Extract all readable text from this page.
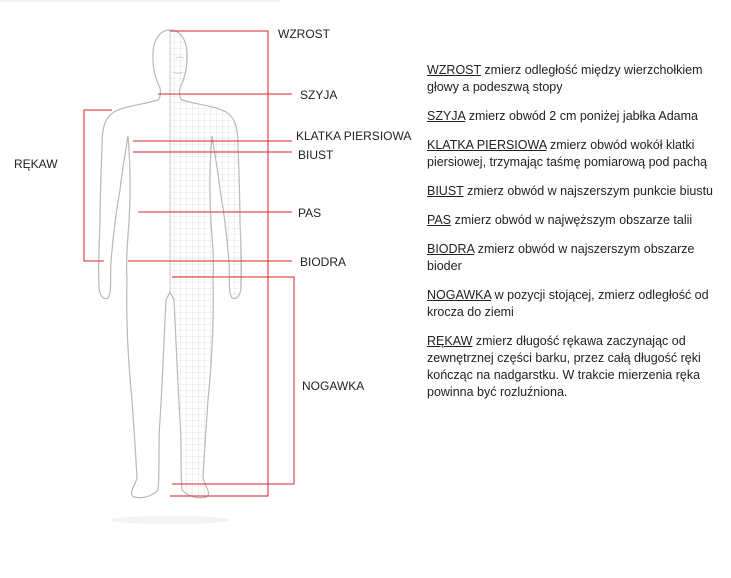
WZROST
SZYJA
KLATKA PIERSIOWA
BIUST
PAS
BIODRA
NOGAWKA
RĘKAW
WZROST zmierz odległość między wierzchołkiem głowy a podeszwą stopy
SZYJA zmierz obwód 2 cm poniżej jabłka Adama
KLATKA PIERSIOWA zmierz obwód wokół klatki piersiowej, trzymając taśmę pomiarową pod pachą
BIUST zmierz obwód w najszerszym punkcie biustu
PAS zmierz obwód w najwęższym obszarze talii
BIODRA zmierz obwód w najszerszym obszarze bioder
NOGAWKA w pozycji stojącej, zmierz odległość od krocza do ziemi
RĘKAW zmierz długość rękawa zaczynając od zewnętrznej części barku, przez całą długość ręki kończąc na nadgarstku. W trakcie mierzenia ręka powinna być rozluźniona.
